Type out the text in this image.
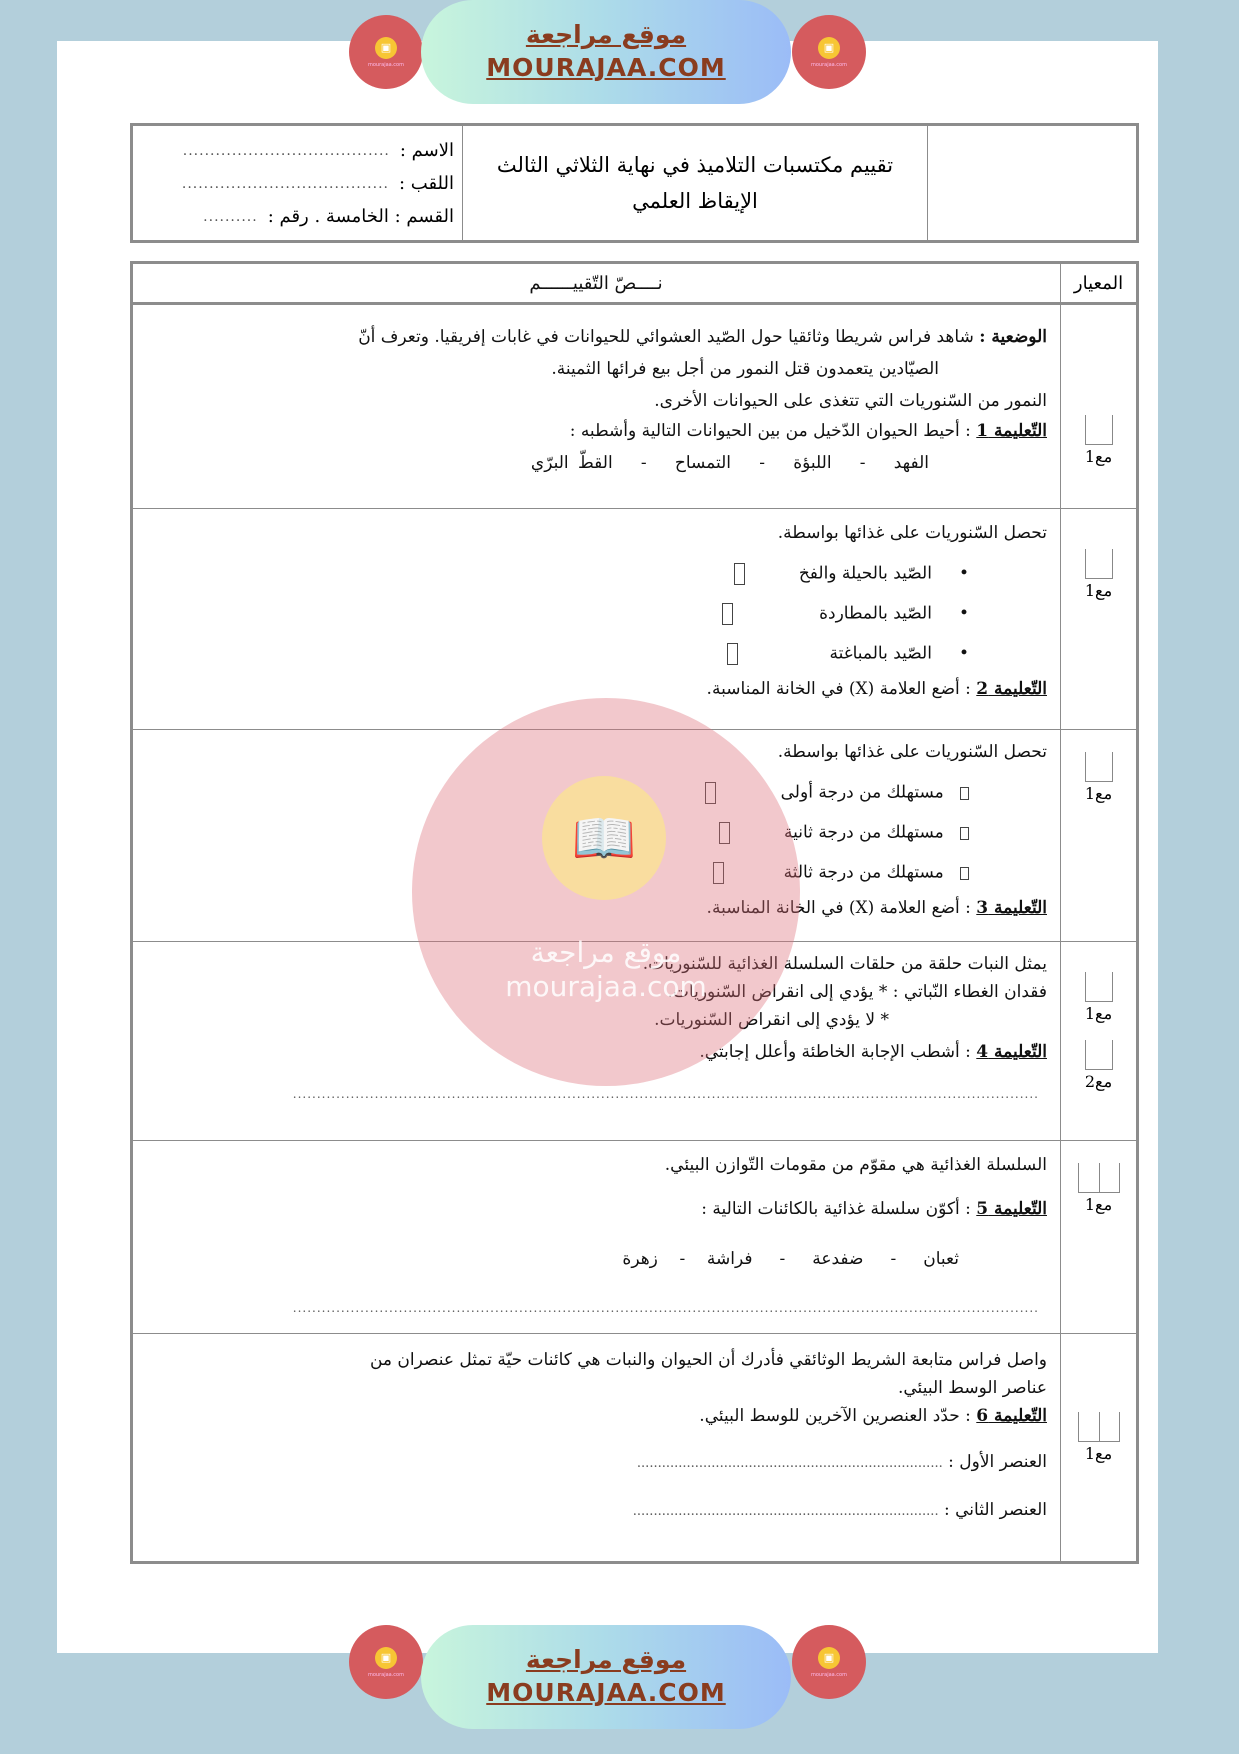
▣
mourajaa.com
موقع مراجعة
MOURAJAA.COM
▣
mourajaa.com
الاسم :
......................................
اللقب :
......................................
القسم : الخامسة . رقم :
..........
تقييم مكتسبات التلاميذ في نهاية الثلاثي الثالث
الإيقاظ العلمي
نــــصّ التّقييــــــم	المعيار
الوضعية : شاهد فراس شريطا وثائقيا حول الصّيد العشوائي للحيوانات في غابات إفريقيا. وتعرف أنّ
الصيّادين يتعمدون قتل النمور من أجل بيع فرائها الثمينة.
النمور من السّنوريات التي تتغذى على الحيوانات الأخرى.
التّعليمة 1 : أحيط الحيوان الدّخيل من بين الحيوانات التالية وأشطبه :
الفهد   -   اللبؤة   -   التمساح   -   القطّ البرّي	مع1
تحصل السّنوريات على غذائها بواسطة.
•     الصّيد بالحيلة والفخ
•     الصّيد بالمطاردة
•     الصّيد بالمباغتة
التّعليمة 2 : أضع العلامة (X) في الخانة المناسبة.
مع1
تحصل السّنوريات على غذائها بواسطة.
مستهلك من درجة أولى
مستهلك من درجة ثانية
مستهلك من درجة ثالثة
التّعليمة 3 : أضع العلامة (X) في الخانة المناسبة.
مع1
يمثل النبات حلقة من حلقات السلسلة الغذائية للسّنوريات.
فقدان الغطاء النّباتي : * يؤدي إلى انقراض السّنوريات.
* لا يؤدي إلى انقراض السّنوريات.
التّعليمة 4 : أشطب الإجابة الخاطئة وأعلل إجابتي.
...........................................................................................................................................................
مع1
مع2
السلسلة الغذائية هي مقوّم من مقومات التّوازن البيئي.
التّعليمة 5 : أكوّن سلسلة غذائية بالكائنات التالية :
ثعبان     -     ضفدعة     -     فراشة    -    زهرة
...........................................................................................................................................................
مع1
واصل فراس متابعة الشريط الوثائقي فأدرك أن الحيوان والنبات هي كائنات حيّة تمثل عنصران من
عناصر الوسط البيئي.
التّعليمة 6 : حدّد العنصرين الآخرين للوسط البيئي.
العنصر الأول : ..........................................................................
العنصر الثاني : ..........................................................................
مع1
📖
موقع مراجعة
mourajaa.com
▣
mourajaa.com
موقع مراجعة
MOURAJAA.COM
▣
mourajaa.com
